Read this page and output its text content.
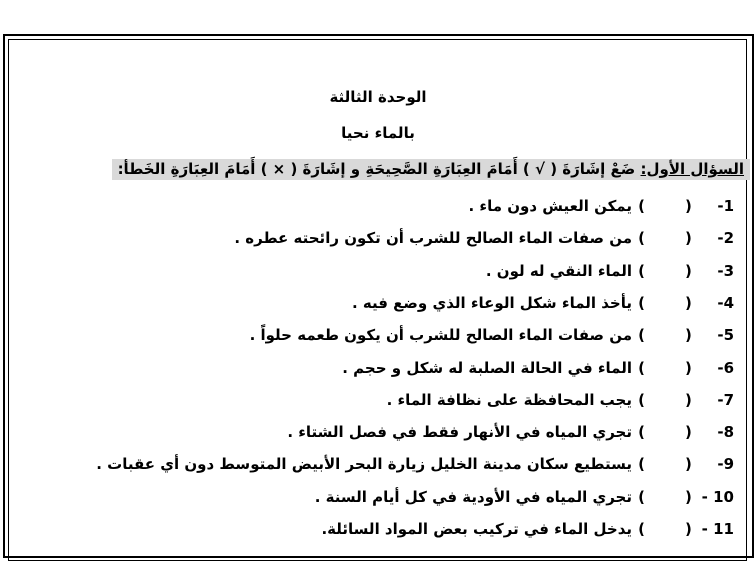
الوحدة الثالثة
بالماء نحيا
السؤال الأول: ضَعْ إشَارَةَ ( √ ) أَمَامَ العِبَارَةِ الصَّحِيحَةِ و إشَارَةَ ( × ) أَمَامَ العِبَارَةِ الخَطأ:
1-
()
يمكن العيش دون ماء .
2-
()
من صفات الماء الصالح للشرب أن تكون رائحته عطره .
3-
()
الماء النقي له لون .
4-
()
يأخذ الماء شكل الوعاء الذي وضع فيه .
5-
()
من صفات الماء الصالح للشرب أن يكون طعمه حلواً .
6-
()
الماء في الحالة الصلبة له شكل و حجم .
7-
()
يجب المحافظة على نظافة الماء .
8-
()
تجري المياه في الأنهار فقط في فصل الشتاء .
9-
()
يستطيع سكان مدينة الخليل زيارة البحر الأبيض المتوسط دون أي عقبات .
10 -
()
تجري المياه في الأودية في كل أيام السنة .
11 -
()
يدخل الماء في تركيب بعض المواد السائلة.
